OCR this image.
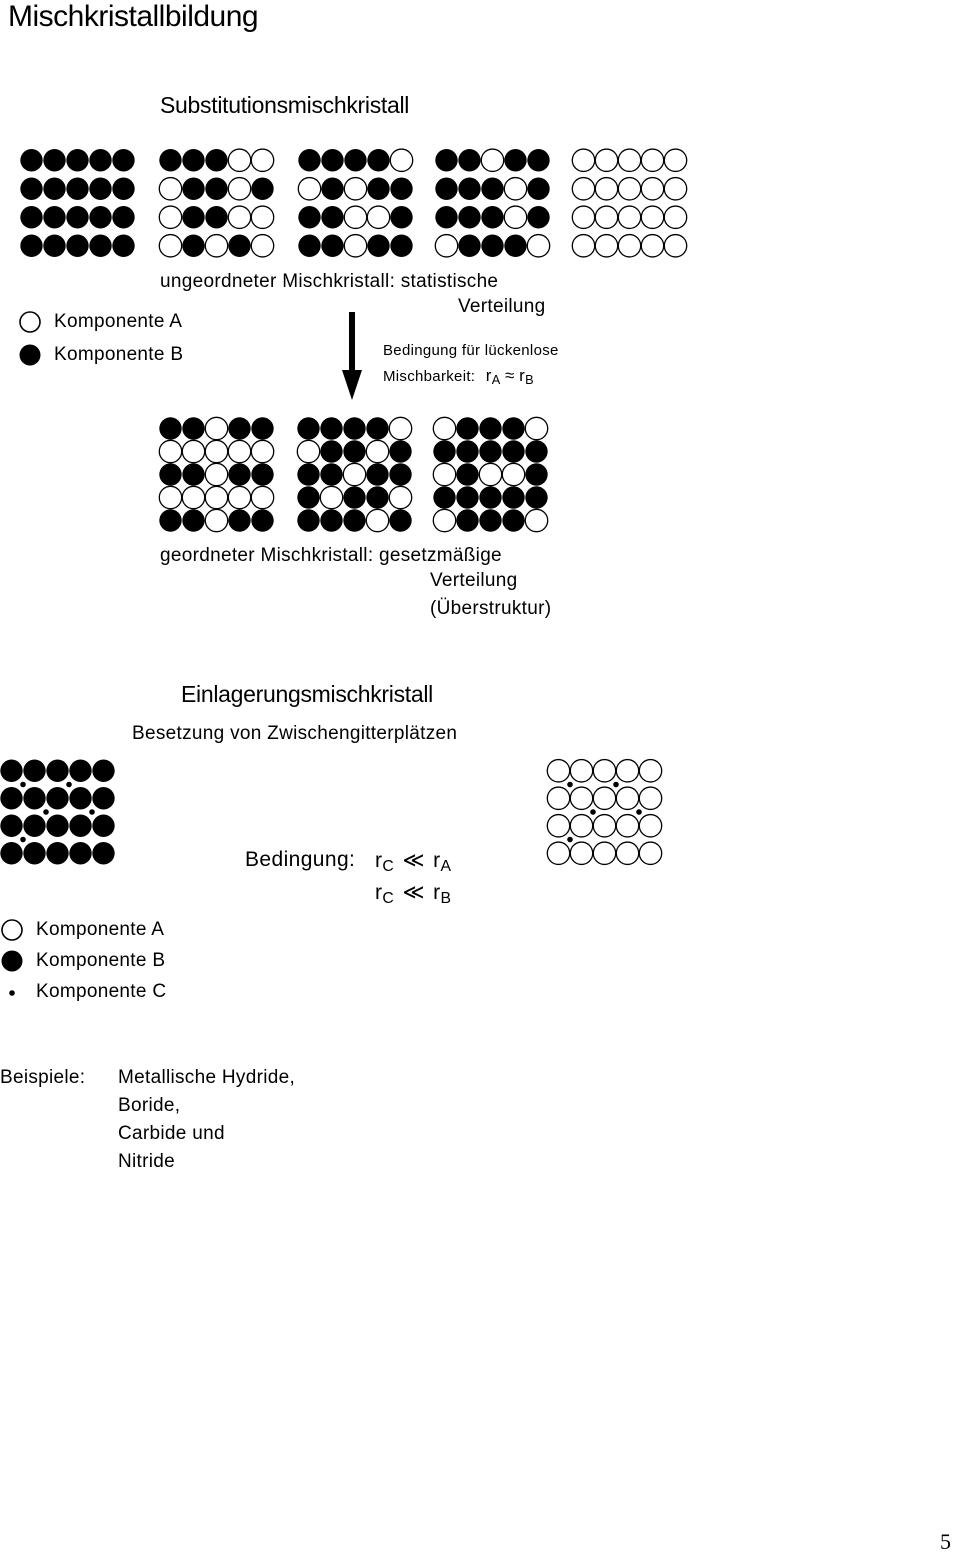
Mischkristallbildung
Substitutionsmischkristall
ungeordneter Mischkristall: statistische
Verteilung
Komponente A
Komponente B	Bedingung für lückenlose
Mischbarkeit: rA ≈ rB
geordneter Mischkristall: gesetzmäßige
Verteilung
(Überstruktur)
Einlagerungsmischkristall
Besetzung von Zwischengitterplätzen
Bedingung: rC ≪ rA
rC ≪ rB
Komponente A
Komponente B
Komponente C
Beispiele: Metallische Hydride,
Boride,
Carbide und
Nitride
5
